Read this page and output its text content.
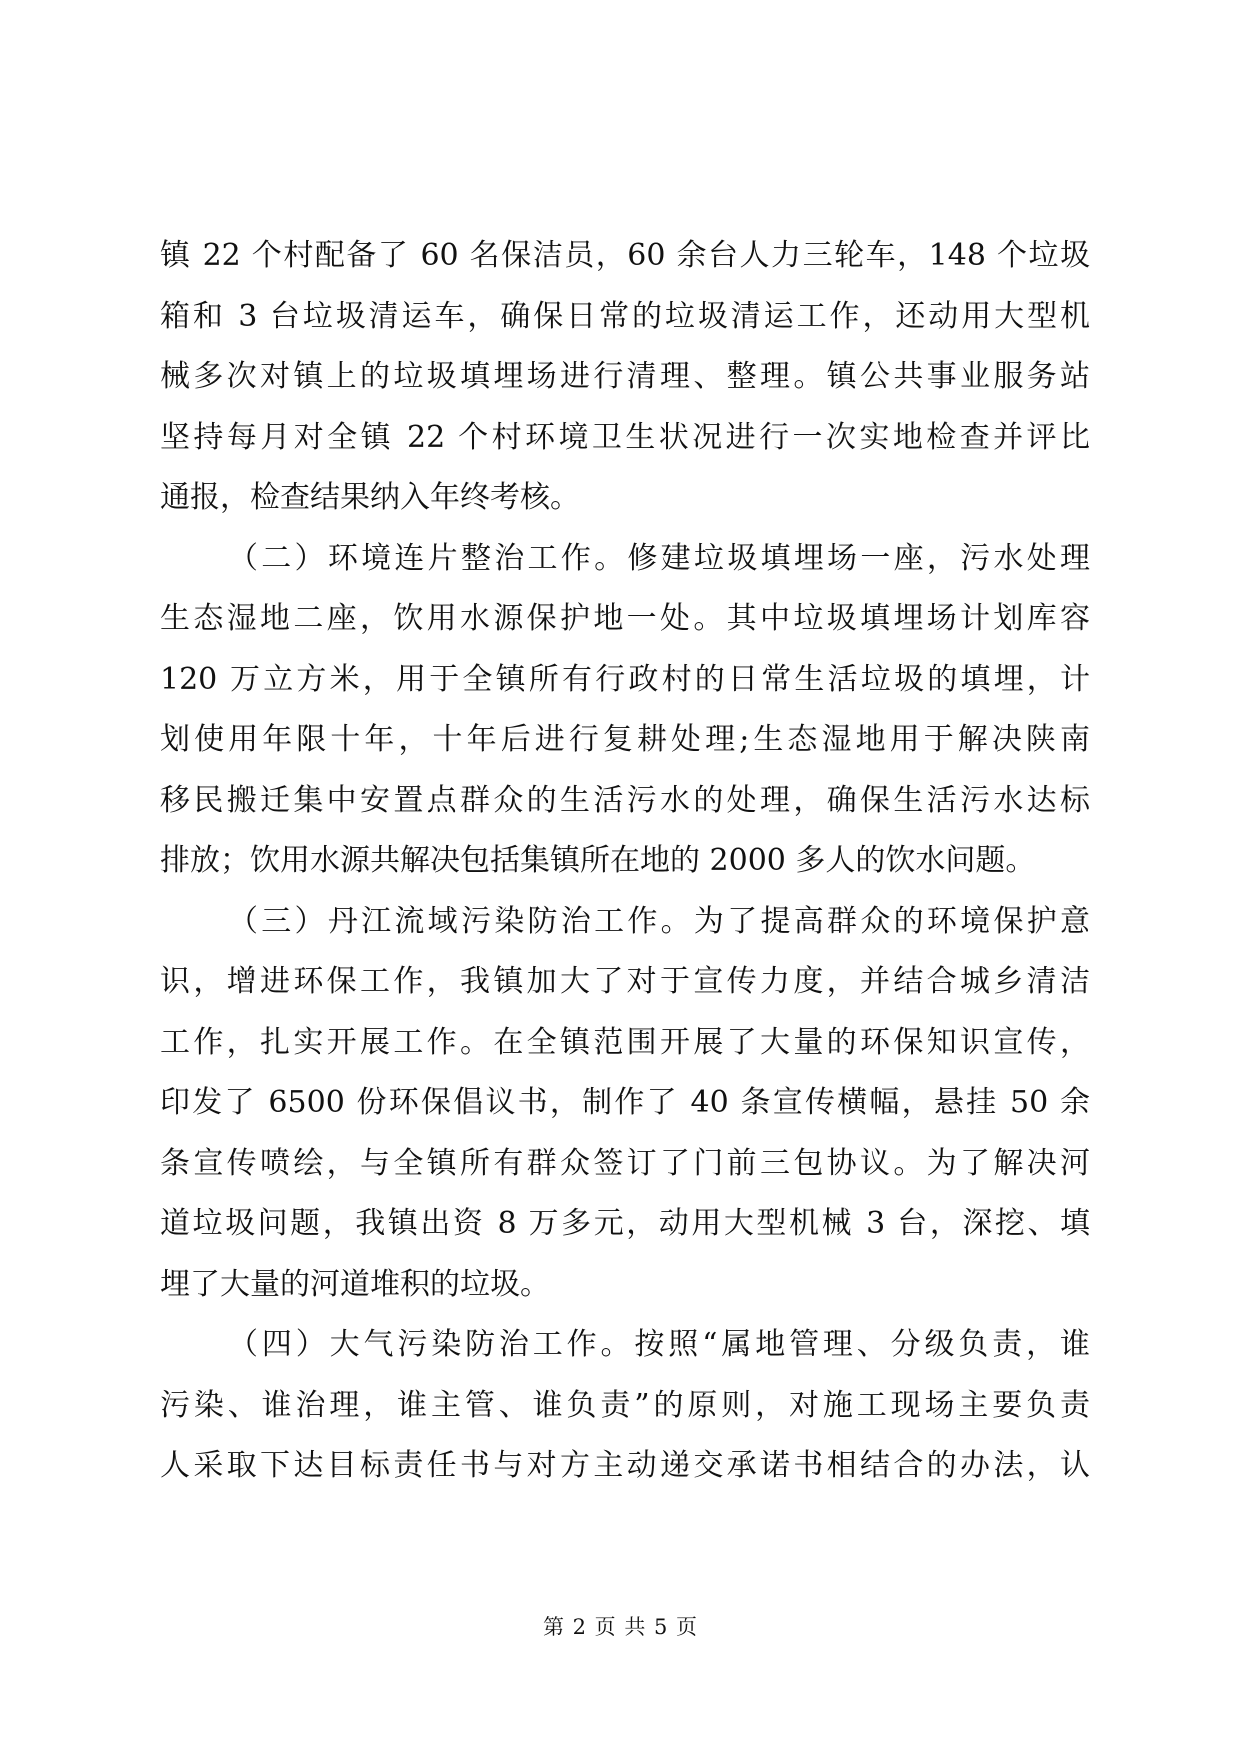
镇 22 个村配备了 60 名保洁员，60 余台人力三轮车，148 个垃圾
箱和 3 台垃圾清运车，确保日常的垃圾清运工作，还动用大型机
械多次对镇上的垃圾填埋场进行清理、整理。镇公共事业服务站
坚持每月对全镇 22 个村环境卫生状况进行一次实地检查并评比
通报，检查结果纳入年终考核。
（二）环境连片整治工作。修建垃圾填埋场一座，污水处理
生态湿地二座，饮用水源保护地一处。其中垃圾填埋场计划库容
120 万立方米，用于全镇所有行政村的日常生活垃圾的填埋，计
划使用年限十年，十年后进行复耕处理;生态湿地用于解决陕南
移民搬迁集中安置点群众的生活污水的处理，确保生活污水达标
排放；饮用水源共解决包括集镇所在地的 2000 多人的饮水问题。
（三）丹江流域污染防治工作。为了提高群众的环境保护意
识，增进环保工作，我镇加大了对于宣传力度，并结合城乡清洁
工作，扎实开展工作。在全镇范围开展了大量的环保知识宣传，
印发了 6500 份环保倡议书，制作了 40 条宣传横幅，悬挂 50 余
条宣传喷绘，与全镇所有群众签订了门前三包协议。为了解决河
道垃圾问题，我镇出资 8 万多元，动用大型机械 3 台，深挖、填
埋了大量的河道堆积的垃圾。
（四）大气污染防治工作。按照“属地管理、分级负责，谁
污染、谁治理，谁主管、谁负责”的原则，对施工现场主要负责
人采取下达目标责任书与对方主动递交承诺书相结合的办法，认
第 2 页 共 5 页
